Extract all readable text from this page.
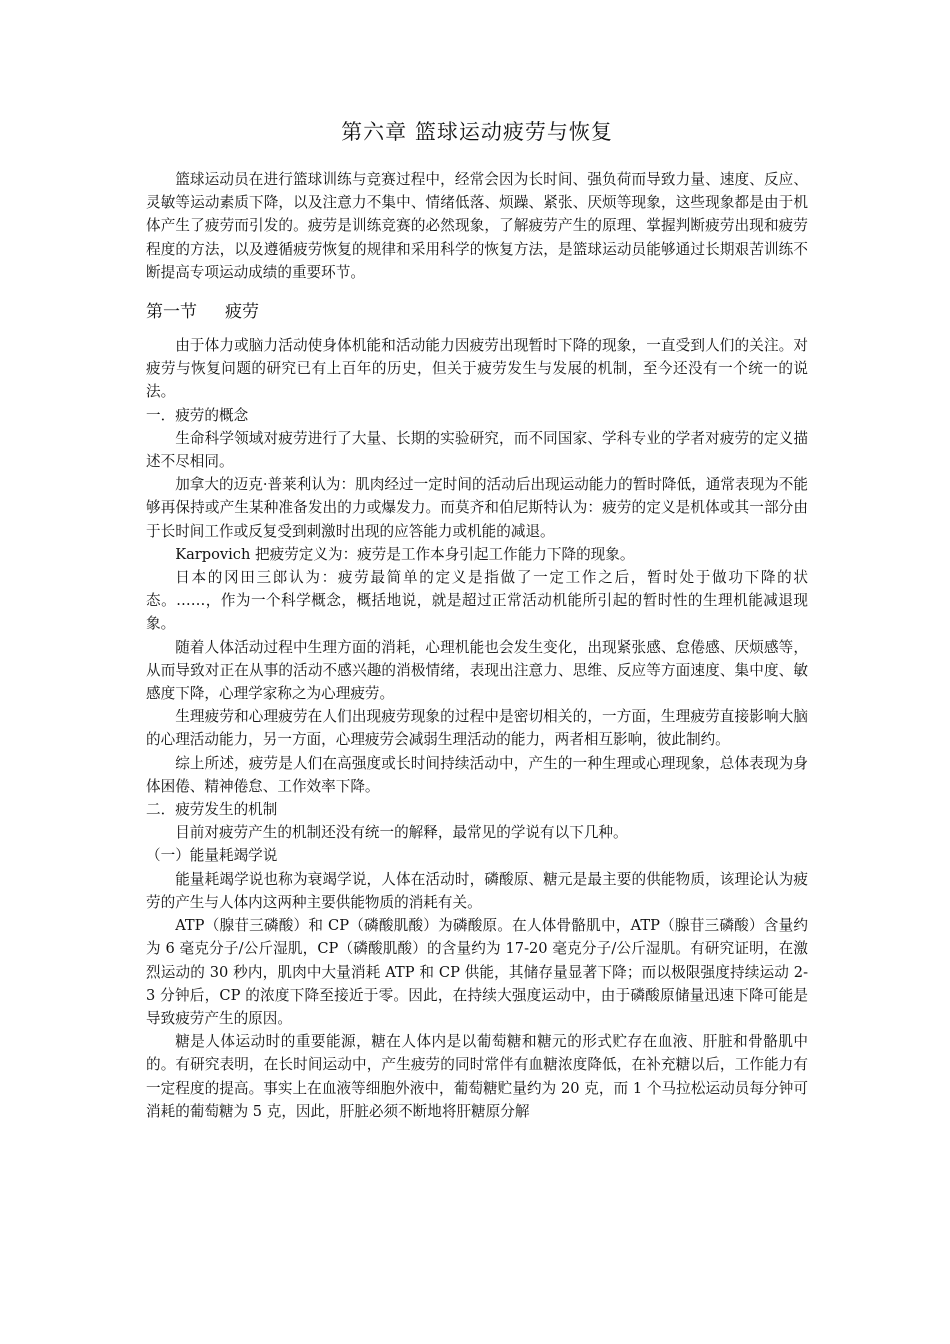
第六章 篮球运动疲劳与恢复

篮球运动员在进行篮球训练与竞赛过程中，经常会因为长时间、强负荷而导致力量、速度、反应、灵敏等运动素质下降，以及注意力不集中、情绪低落、烦躁、紧张、厌烦等现象，这些现象都是由于机体产生了疲劳而引发的。疲劳是训练竞赛的必然现象，了解疲劳产生的原理、掌握判断疲劳出现和疲劳程度的方法，以及遵循疲劳恢复的规律和采用科学的恢复方法，是篮球运动员能够通过长期艰苦训练不断提高专项运动成绩的重要环节。

第一节 疲劳

由于体力或脑力活动使身体机能和活动能力因疲劳出现暂时下降的现象，一直受到人们的关注。对疲劳与恢复问题的研究已有上百年的历史，但关于疲劳发生与发展的机制，至今还没有一个统一的说法。

一．疲劳的概念

生命科学领域对疲劳进行了大量、长期的实验研究，而不同国家、学科专业的学者对疲劳的定义描述不尽相同。

加拿大的迈克·普莱利认为：肌肉经过一定时间的活动后出现运动能力的暂时降低，通常表现为不能够再保持或产生某种准备发出的力或爆发力。而莫齐和伯尼斯特认为：疲劳的定义是机体或其一部分由于长时间工作或反复受到刺激时出现的应答能力或机能的减退。

Karpovich 把疲劳定义为：疲劳是工作本身引起工作能力下降的现象。

日本的冈田三郎认为：疲劳最简单的定义是指做了一定工作之后，暂时处于做功下降的状态。……，作为一个科学概念，概括地说，就是超过正常活动机能所引起的暂时性的生理机能减退现象。

随着人体活动过程中生理方面的消耗，心理机能也会发生变化，出现紧张感、怠倦感、厌烦感等，从而导致对正在从事的活动不感兴趣的消极情绪，表现出注意力、思维、反应等方面速度、集中度、敏感度下降，心理学家称之为心理疲劳。

生理疲劳和心理疲劳在人们出现疲劳现象的过程中是密切相关的，一方面，生理疲劳直接影响大脑的心理活动能力，另一方面，心理疲劳会减弱生理活动的能力，两者相互影响，彼此制约。

综上所述，疲劳是人们在高强度或长时间持续活动中，产生的一种生理或心理现象，总体表现为身体困倦、精神倦怠、工作效率下降。

二．疲劳发生的机制

目前对疲劳产生的机制还没有统一的解释，最常见的学说有以下几种。

（一）能量耗竭学说

能量耗竭学说也称为衰竭学说，人体在活动时，磷酸原、糖元是最主要的供能物质，该理论认为疲劳的产生与人体内这两种主要供能物质的消耗有关。

ATP（腺苷三磷酸）和 CP（磷酸肌酸）为磷酸原。在人体骨骼肌中，ATP（腺苷三磷酸）含量约为 6 毫克分子/公斤湿肌，CP（磷酸肌酸）的含量约为 17-20 毫克分子/公斤湿肌。有研究证明，在激烈运动的 30 秒内，肌肉中大量消耗 ATP 和 CP 供能，其储存量显著下降；而以极限强度持续运动 2-3 分钟后，CP 的浓度下降至接近于零。因此，在持续大强度运动中，由于磷酸原储量迅速下降可能是导致疲劳产生的原因。

糖是人体运动时的重要能源，糖在人体内是以葡萄糖和糖元的形式贮存在血液、肝脏和骨骼肌中的。有研究表明，在长时间运动中，产生疲劳的同时常伴有血糖浓度降低，在补充糖以后，工作能力有一定程度的提高。事实上在血液等细胞外液中，葡萄糖贮量约为 20 克，而 1 个马拉松运动员每分钟可消耗的葡萄糖为 5 克，因此，肝脏必须不断地将肝糖原分解
